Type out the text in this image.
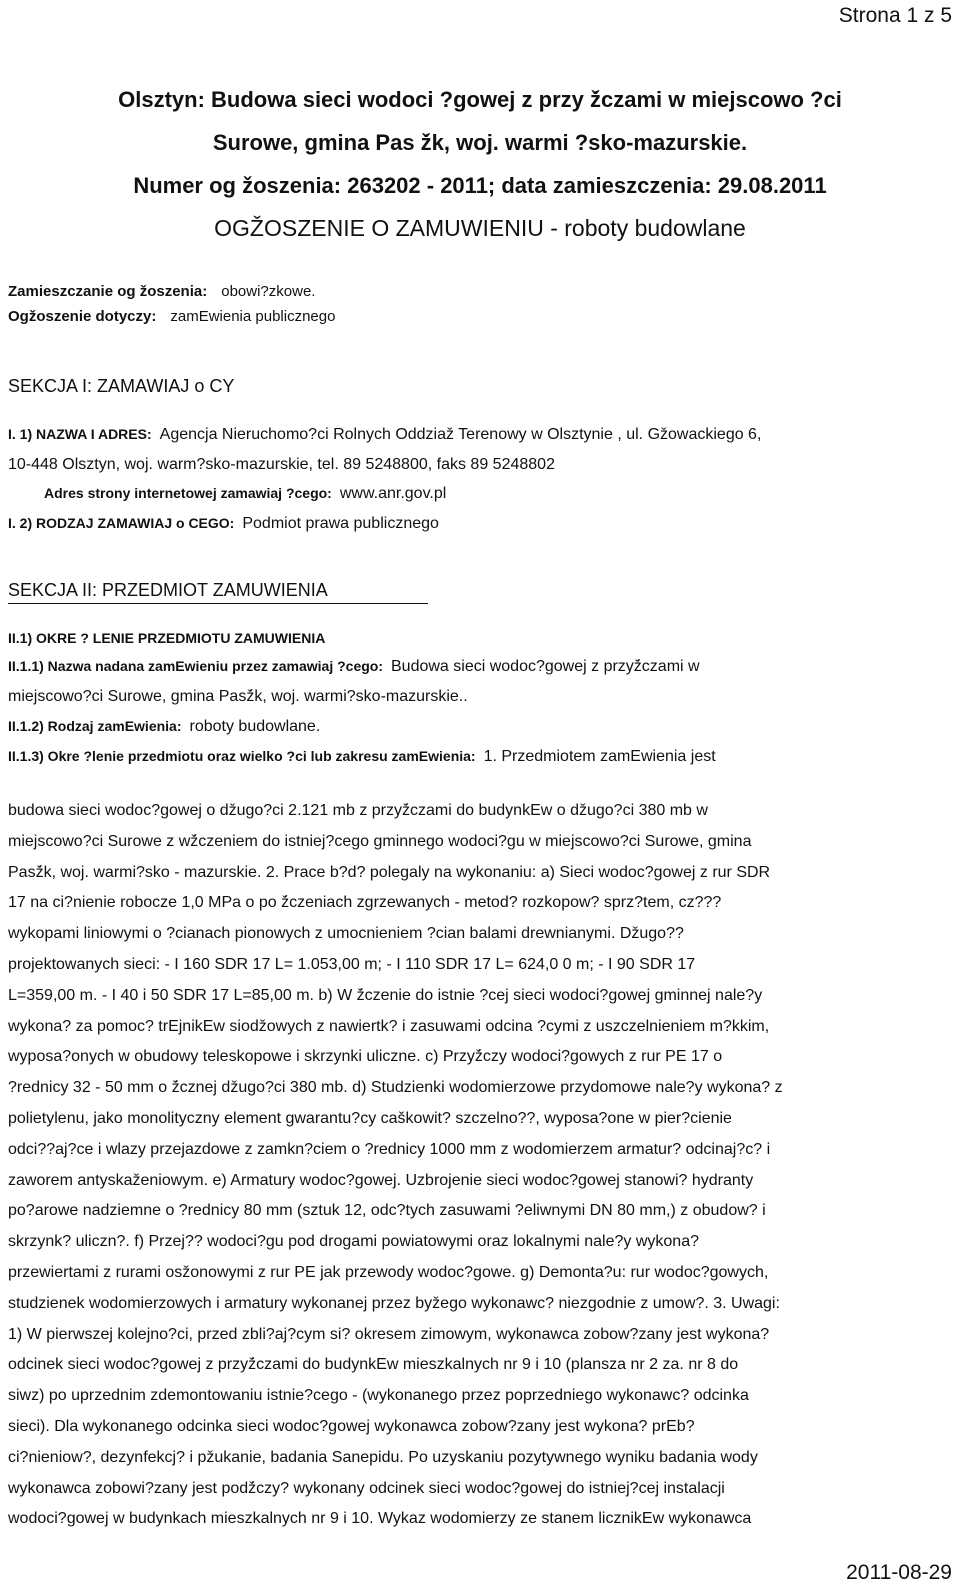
Strona 1 z 5
Olsztyn: Budowa sieci wodoci ?gowej z przy ž́czami w miejscowo ?ci
Surowe, gmina Pas ž́k, woj. warmi ?sko-mazurskie.
Numer og žoszenia: 263202 - 2011; data zamieszczenia: 29.08.2011
OGŽOSZENIE O ZAMUWIENIU - roboty budowlane
Zamieszczanie og žoszenia: obowi?zkowe.
Ogžoszenie dotyczy: zamEwienia publicznego
SEKCJA I: ZAMAWIAJ o CY
I. 1) NAZWA I ADRES: Agencja Nieruchomo?ci Rolnych Oddziaž Terenowy w Olsztynie , ul. Gžowackiego 6,
10-448 Olsztyn, woj. warm?sko-mazurskie, tel. 89 5248800, faks 89 5248802
Adres strony internetowej zamawiaj ?cego: www.anr.gov.pl
I. 2) RODZAJ ZAMAWIAJ o CEGO: Podmiot prawa publicznego
SEKCJA II: PRZEDMIOT ZAMUWIENIA
II.1) OKRE ? LENIE PRZEDMIOTU ZAMUWIENIA
II.1.1) Nazwa nadana zamEwieniu przez zamawiaj ?cego: Budowa sieci wodoc?gowej z przyž́czami w
miejscowo?ci Surowe, gmina Pasž́k, woj. warmi?sko-mazurskie..
II.1.2) Rodzaj zamEwienia: roboty budowlane.
II.1.3) Okre ?lenie przedmiotu oraz wielko ?ci lub zakresu zamEwienia: 1. Przedmiotem zamEwienia jest
budowa sieci wodoc?gowej o džugo?ci 2.121 mb z przyž́czami do budynkEw o džugo?ci 380 mb w
miejscowo?ci Surowe z wž́czeniem do istniej?cego gminnego wodoci?gu w miejscowo?ci Surowe, gmina
Pasž́k, woj. warmi?sko - mazurskie. 2. Prace b?d? polegaly na wykonaniu: a) Sieci wodoc?gowej z rur SDR
17 na ci?nienie robocze 1,0 MPa o po ž́czeniach zgrzewanych - metod? rozkopow? sprz?tem, cz???
wykopami liniowymi o ?cianach pionowych z umocnieniem ?cian balami drewnianymi. Džugo??
projektowanych sieci: - I 160 SDR 17 L= 1.053,00 m; - I 110 SDR 17 L= 624,0 0 m; - I 90 SDR 17
L=359,00 m. - I 40 i 50 SDR 17 L=85,00 m. b) W ž́czenie do istnie ?cej sieci wodoci?gowej gminnej nale?y
wykona? za pomoc? trEjnikEw siodžowych z nawiertk? i zasuwami odcina ?cymi z uszczelnieniem m?kkim,
wyposa?onych w obudowy teleskopowe i skrzynki uliczne. c) Przyž́czy wodoci?gowych z rur PE 17 o
?rednicy 32 - 50 mm o ž́cznej džugo?ci 380 mb. d) Studzienki wodomierzowe przydomowe nale?y wykona? z
polietylenu, jako monolityczny element gwarantu?cy caškowit? szczelno??, wyposa?one w pier?cienie
odci??aj?ce i wlazy przejazdowe z zamkn?ciem o ?rednicy 1000 mm z wodomierzem armatur? odcinaj?c? i
zaworem antyskaženiowym. e) Armatury wodoc?gowej. Uzbrojenie sieci wodoc?gowej stanowi? hydranty
po?arowe nadziemne o ?rednicy 80 mm (sztuk 12, odc?tych zasuwami ?eliwnymi DN 80 mm,) z obudow? i
skrzynk? uliczn?. f) Przej?? wodoci?gu pod drogami powiatowymi oraz lokalnymi nale?y wykona?
przewiertami z rurami osžonowymi z rur PE jak przewody wodoc?gowe. g) Demonta?u: rur wodoc?gowych,
studzienek wodomierzowych i armatury wykonanej przez byžego wykonawc? niezgodnie z umow?. 3. Uwagi:
1) W pierwszej kolejno?ci, przed zbli?aj?cym si? okresem zimowym, wykonawca zobow?zany jest wykona?
odcinek sieci wodoc?gowej z przyž́czami do budynkEw mieszkalnych nr 9 i 10 (plansza nr 2 za. nr 8 do
siwz) po uprzednim zdemontowaniu istnie?cego - (wykonanego przez poprzedniego wykonawc? odcinka
sieci). Dla wykonanego odcinka sieci wodoc?gowej wykonawca zobow?zany jest wykona? prEb?
ci?nieniow?, dezynfekcj? i pžukanie, badania Sanepidu. Po uzyskaniu pozytywnego wyniku badania wody
wykonawca zobowi?zany jest podž́czy? wykonany odcinek sieci wodoc?gowej do istniej?cej instalacji
wodoci?gowej w budynkach mieszkalnych nr 9 i 10. Wykaz wodomierzy ze stanem licznikEw wykonawca
2011-08-29
